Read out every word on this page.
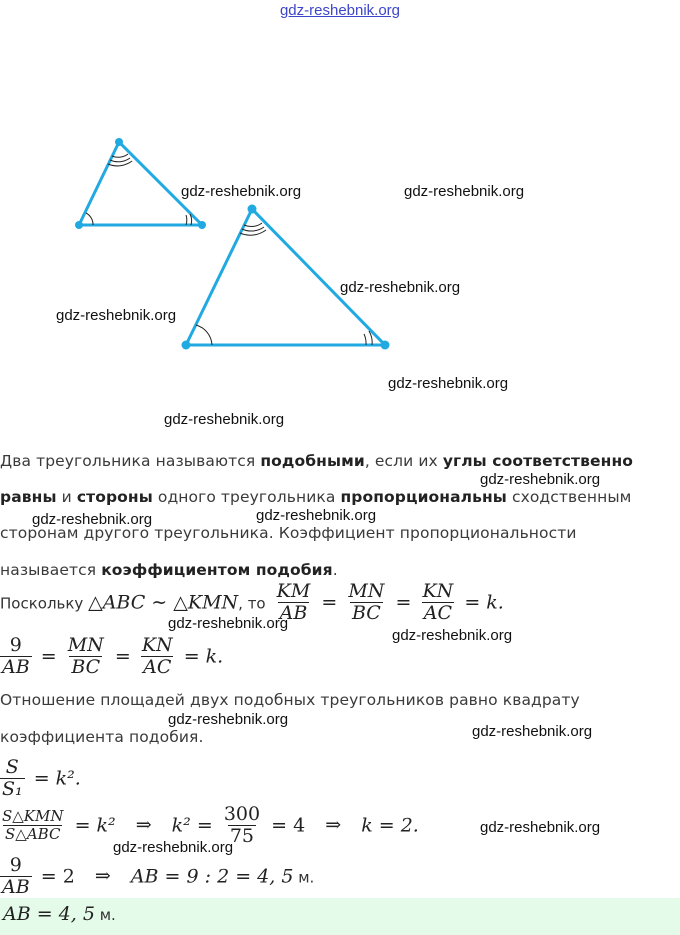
gdz-reshebnik.org
gdz-reshebnik.org	gdz-reshebnik.org
gdz-reshebnik.org
gdz-reshebnik.org
gdz-reshebnik.org
gdz-reshebnik.org
Два треугольника называются подобными, если их углы соответственно
равны и стороны одного треугольника пропорциональны сходственным
сторонам другого треугольника. Коэффициент пропорциональности
называется коэффициентом подобия.
gdz-reshebnik.org
gdz-reshebnik.org	gdz-reshebnik.org
Поскольку △ABC ∼ △KMN, то $\frac{KM}{AB} = \frac{MN}{BC} = \frac{KN}{AC} = k$.
gdz-reshebnik.org
gdz-reshebnik.org
$\frac{9}{AB} = \frac{MN}{BC} = \frac{KN}{AC} = k$.
Отношение площадей двух подобных треугольников равно квадрату
коэффициента подобия.
gdz-reshebnik.org
gdz-reshebnik.org
$\frac{S}{\text{S₁}} = k^2$.
$\frac{\text{S△KMN}}{\text{S△ABC}} = k^2$ ⇒ $k^2 = \frac{300}{75} = 4$ ⇒ k = 2.	gdz-reshebnik.org
gdz-reshebnik.org
$\frac{9}{AB} = 2$ ⇒ AB = 9 : 2 = 4, 5 м.
AB = 4, 5 м.
